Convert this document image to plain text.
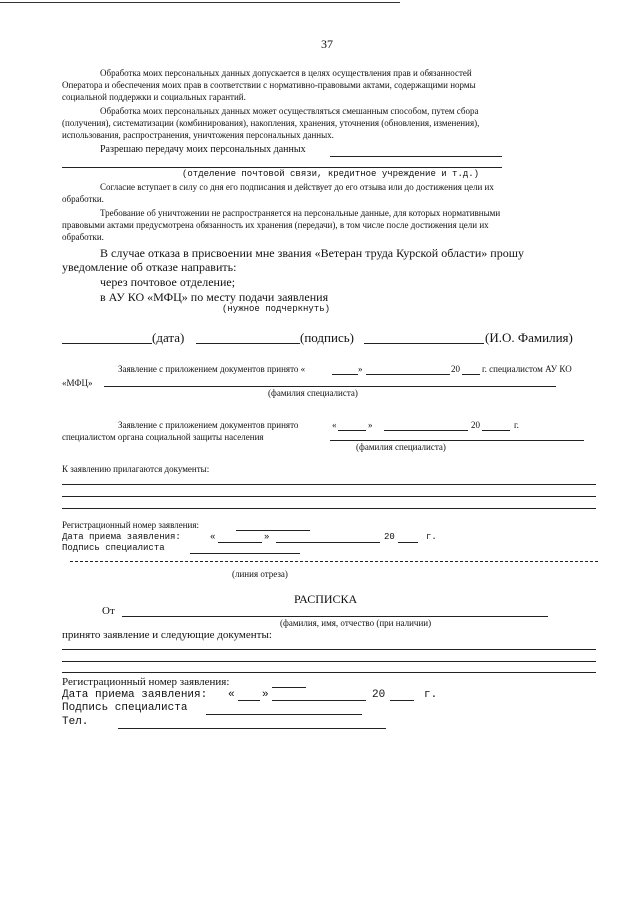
37
Обработка моих персональных данных допускается в целях осуществления прав и обязанностей
Оператора и обеспечения моих прав в соответствии с нормативно-правовыми актами, содержащими нормы
социальной поддержки и социальных гарантий.
Обработка моих персональных данных может осуществляться смешанным способом, путем сбора
(получения), систематизации (комбинирования), накопления, хранения, уточнения (обновления, изменения),
использования, распространения, уничтожения персональных данных.
Разрешаю передачу моих персональных данных
(отделение почтовой связи, кредитное учреждение и т.д.)
Согласие вступает в силу со дня его подписания и действует до его отзыва или до достижения цели их
обработки.
Требование об уничтожении не распространяется на персональные данные, для которых нормативными
правовыми актами предусмотрена обязанность их хранения (передачи), в том числе после достижения цели их
обработки.
В случае отказа в присвоении мне звания «Ветеран труда Курской области» прошу
уведомление об отказе направить:
через почтовое отделение;
в АУ КО «МФЦ» по месту подачи заявления
(нужное подчеркнуть)
(дата)	(подпись)	(И.О. Фамилия)
Заявление с приложением документов принято «	»	20 г. специалистом АУ КО
«МФЦ»
(фамилия специалиста)
Заявление с приложением документов принято	«	»	20	г.
специалистом органа социальной защиты населения
(фамилия специалиста)
К заявлению прилагаются документы:
Регистрационный номер заявления:
Дата приема заявления:	«	»	20	г.
Подпись специалиста
(линия отреза)
РАСПИСКА
От
(фамилия, имя, отчество (при наличии)
принято заявление и следующие документы:
Регистрационный номер заявления:
Дата приема заявления: « »	20	г.
Подпись специалиста
Тел.
